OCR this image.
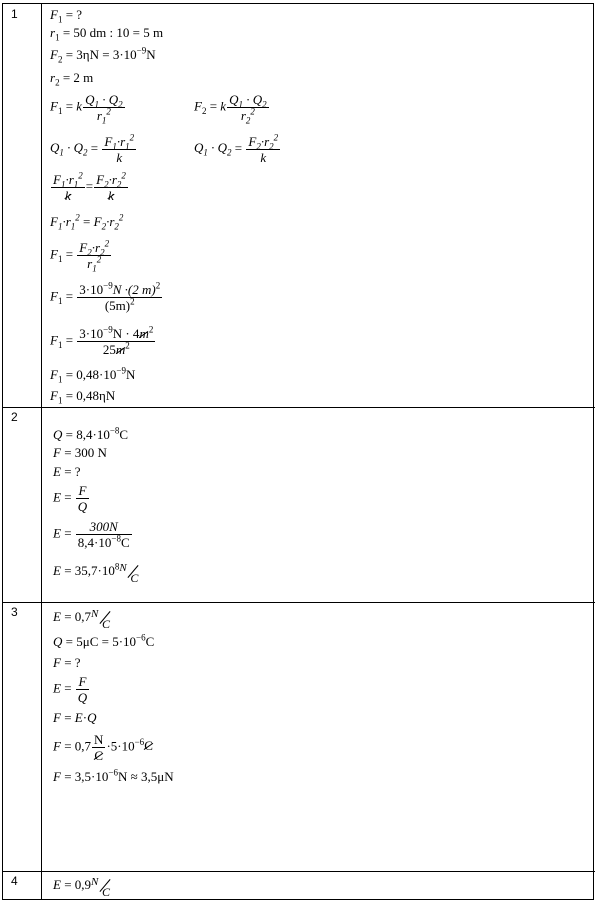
1
2
3
4
$F_1$ = ?
$r_1 = 50$ dm : 10 = 5 m
$F_2 = 3\eta N = 3\cdot 10^{-9}N$
$r_2 = 2$ m
$F_1 = k \frac{Q_1 \cdot Q_2}{r_1^2}$	$F_2 = k \frac{Q_1 \cdot Q_2}{r_2^2}$
$Q_1 \cdot Q_2 = \frac{F_1\cdot r_1^2}{k}$	$Q_1 \cdot Q_2 = \frac{F_2\cdot r_2^2}{k}$
$\frac{F_1\cdot r_1^2}{k} = \frac{F_2\cdot r_2^2}{k}$
$F_1\cdot r_1^2 = F_2\cdot r_2^2$
$F_1 = \frac{F_2\cdot r_2^2}{r_1^2}$
$F_1 = \frac{3\cdot 10^{-9}N \cdot(2 m)^2}{(5m)^2}$
$F_1 = \frac{3\cdot 10^{-9}N \cdot 4m^2}{25m^2}$
$F_1 = 0,48\cdot 10^{-9}N$
$F_1 = 0,48\eta N$
$Q = 8,4\cdot 10^{-8}C$
F = 300 N
E = ?
$E = \frac{F}{Q}$
$E = \frac{300N}{8,4\cdot 10^{-8}C}$
$E = 35,7\cdot 10^8$ N
C
E = 0,7 N
C
$Q = 5\mu C = 5\cdot 10^{-6}C$
F = ?
$E = \frac{F}{Q}$
F = E·Q
$F = 0,7 \frac{N}{C} \cdot 5\cdot 10^{-6}C$
$F = 3,5\cdot 10^{-6}N \approx 3,5\mu N$
E = 0,9 N
C
